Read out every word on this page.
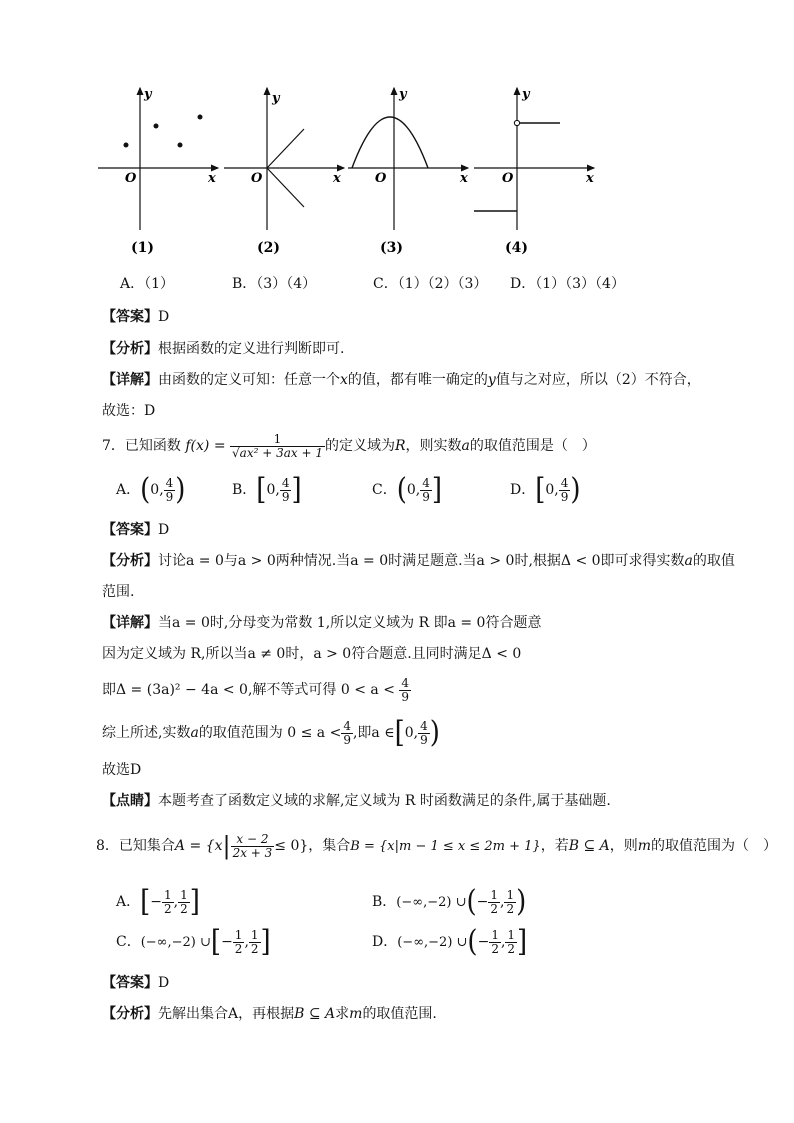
y
x
O
(1)
y
x
O
(2)
y
x
O
(3)
y
x
O
(4)
A．（1）	B．（3）（4）	C．（1）（2）（3） D．（1）（3）（4）
【答案】D
【分析】根据函数的定义进行判断即可.
【详解】由函数的定义可知：任意一个x的值，都有唯一确定的y值与之对应，所以（2）不符合，
故选：D
7．已知函数 $f(x) = \frac{1}{\text{√ax² + 3ax + 1}}$ 的定义域为R，则实数a的取值范围是（　）
A．(0, $\frac{4}{9}$ )	B．[0, $\frac{4}{9}$ ]	C．(0, $\frac{4}{9}$ ]	D．[0, $\frac{4}{9}$ )
【答案】D
【分析】讨论a = 0与a > 0两种情况.当a = 0时满足题意.当a > 0时,根据Δ < 0即可求得实数a的取值
范围.
【详解】当a = 0时,分母变为常数 1,所以定义域为 R 即a = 0符合题意
因为定义域为 R,所以当a ≠ 0时，a > 0符合题意.且同时满足Δ < 0
即Δ = (3a)² − 4a < 0,解不等式可得 $0 < a < \frac{4}{9}$
综上所述,实数a的取值范围为 $0 \le a < \frac{4}{9}$ ,即a ∈[0, $\frac{4}{9}$ )
故选D
【点睛】本题考查了函数定义域的求解,定义域为 R 时函数满足的条件,属于基础题.
8．已知集合$A = \{x| \frac{x - 2}{2x + 3} \le 0\}$，集合B = {x|m − 1 ≤ x ≤ 2m + 1}，若B ⊆ A，则m的取值范围为（　）
A．[− $\frac{1}{2}$ , $\frac{1}{2}$ ]	B．(−∞,−2) ∪(− $\frac{1}{2}$ , $\frac{1}{2}$ )
C．(−∞,−2) ∪[− $\frac{1}{2}$ , $\frac{1}{2}$ ]	D．(−∞,−2) ∪(− $\frac{1}{2}$ , $\frac{1}{2}$ ]
【答案】D
【分析】先解出集合A，再根据B ⊆ A求m的取值范围.
